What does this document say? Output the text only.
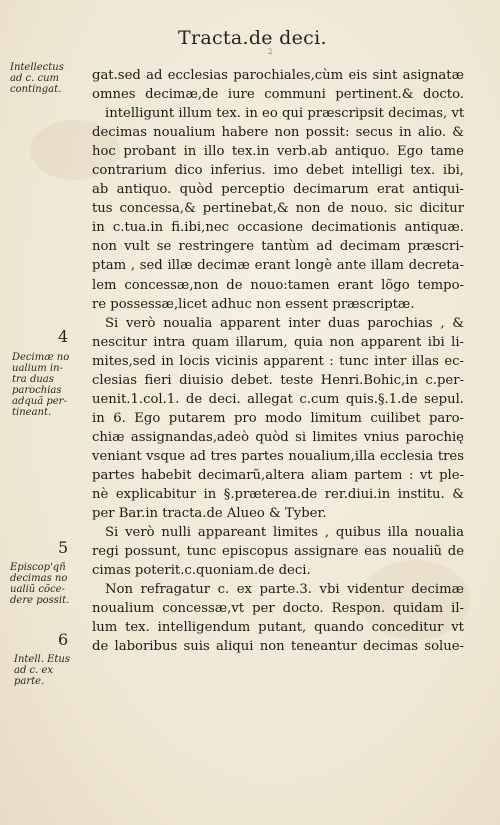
Tracta.de deci.
2
Intellectus
ad c. cum
contingat.
4
Decimæ no
ualium in-
tra duas
parochias
adquã per-
tineant.
5
Episcop'qñ
decimas no
ualiũ cõce-
dere possit.
6
Intell. Etus
ad c. ex
parte.
gat.sed ad ecclesias parochiales,cùm eis sint asignatæ
omnes decimæ,de iure communi pertinent.& docto.
intelligunt illum tex. in eo qui præscripsit decimas, vt
decimas noualium habere non possit: secus in alio. &
hoc probant in illo tex.in verb.ab antiquo. Ego tame
contrarium dico inferius. imo debet intelligi tex. ibi,
ab antiquo. quòd perceptio decimarum erat antiqui-
tus concessa,& pertinebat,& non de nouo. sic dicitur
in c.tua.in fi.ibi,nec occasione decimationis antiquæ.
non vult se restringere tantùm ad decimam præscri-
ptam , sed illæ decimæ erant longè ante illam decreta-
lem concessæ,non de nouo:tamen erant lõgo tempo-
re possessæ,licet adhuc non essent præscriptæ.
Si verò noualia apparent inter duas parochias , &
nescitur intra quam illarum, quia non apparent ibi li-
mites,sed in locis vicinis apparent : tunc inter illas ec-
clesias fieri diuisio debet. teste Henri.Bohic,in c.per-
uenit.1.col.1. de deci. allegat c.cum quis.§.1.de sepul.
in 6. Ego putarem pro modo limitum cuilibet paro-
chiæ assignandas,adeò quòd si limites vnius parochię
veniant vsque ad tres partes noualium,illa ecclesia tres
partes habebit decimarũ,altera aliam partem : vt ple-
nè explicabitur in §.præterea.de rer.diui.in institu. &
per Bar.in tracta.de Alueo & Tyber.
Si verò nulli appareant limites , quibus illa noualia
regi possunt, tunc episcopus assignare eas noualiũ de
cimas poterit.c.quoniam.de deci.
Non refragatur c. ex parte.3. vbi videntur decimæ
noualium concessæ,vt per docto. Respon. quidam il-
lum tex. intelligendum putant, quando conceditur vt
de laboribus suis aliqui non teneantur decimas solue-
